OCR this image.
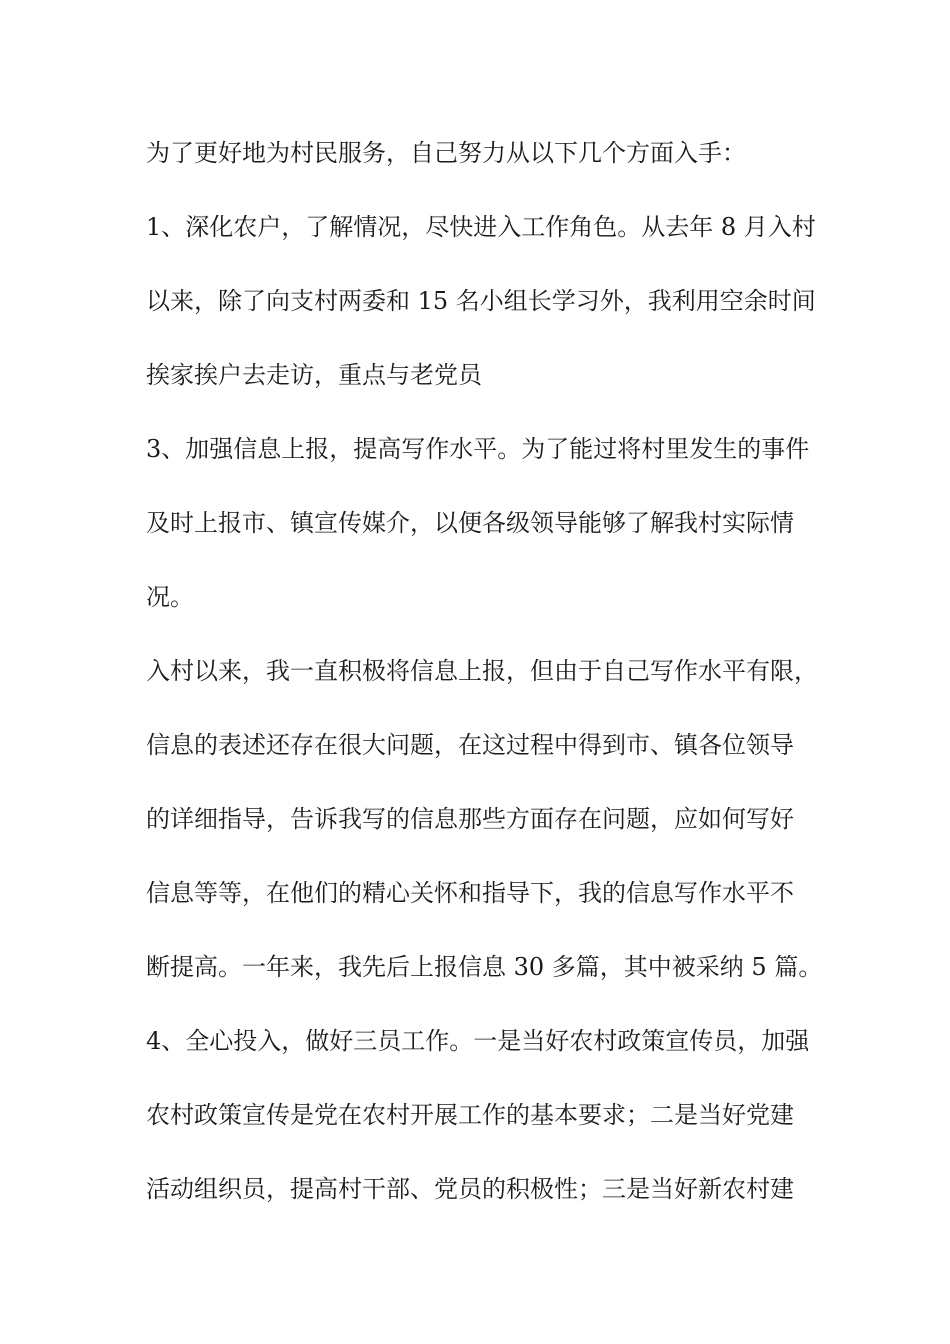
为了更好地为村民服务，自己努力从以下几个方面入手：
1、深化农户，了解情况，尽快进入工作角色。从去年 8 月入村
以来，除了向支村两委和 15 名小组长学习外，我利用空余时间
挨家挨户去走访，重点与老党员
3、加强信息上报，提高写作水平。为了能过将村里发生的事件
及时上报市、镇宣传媒介，以便各级领导能够了解我村实际情
况。
入村以来，我一直积极将信息上报，但由于自己写作水平有限，
信息的表述还存在很大问题，在这过程中得到市、镇各位领导
的详细指导，告诉我写的信息那些方面存在问题，应如何写好
信息等等，在他们的精心关怀和指导下，我的信息写作水平不
断提高。一年来，我先后上报信息 30 多篇，其中被采纳 5 篇。
4、全心投入，做好三员工作。一是当好农村政策宣传员，加强
农村政策宣传是党在农村开展工作的基本要求；二是当好党建
活动组织员，提高村干部、党员的积极性；三是当好新农村建
